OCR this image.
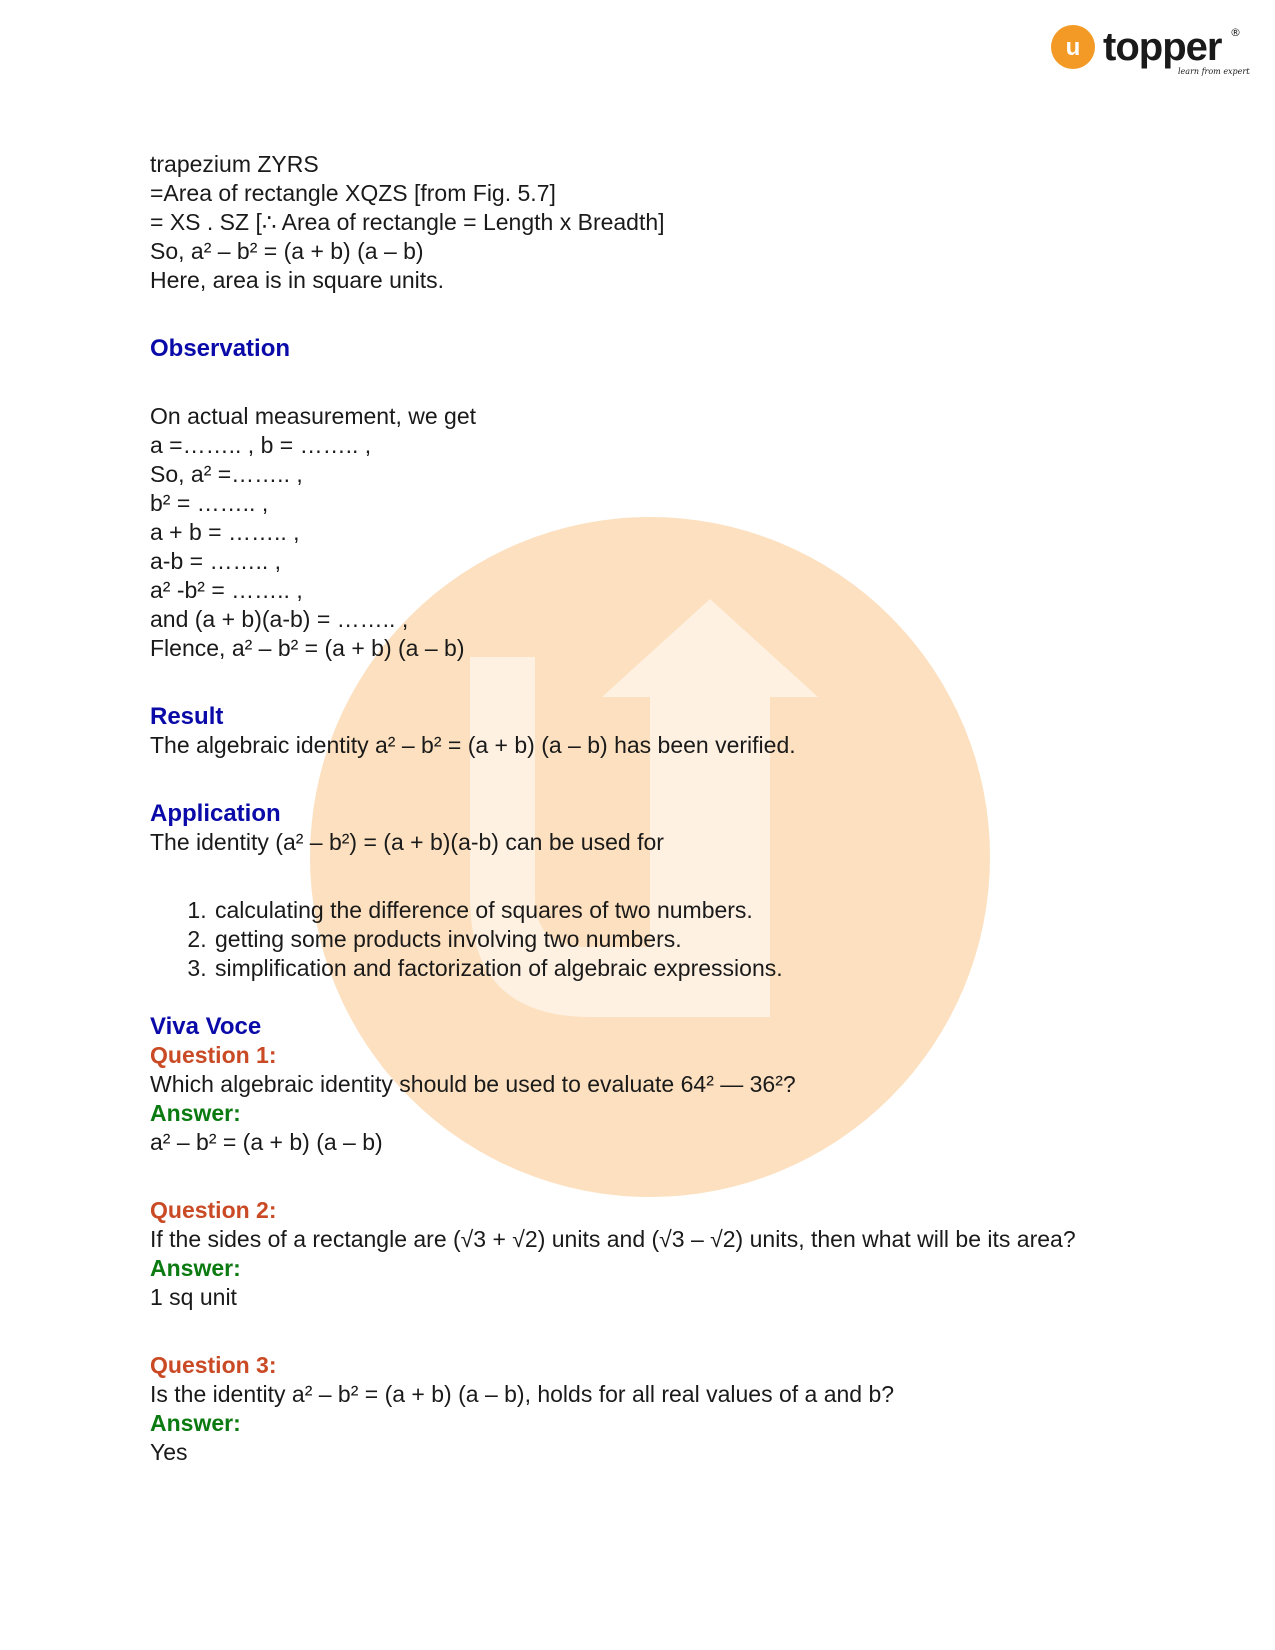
u topper ®
learn from experts

trapezium ZYRS

=Area of rectangle XQZS [from Fig. 5.7]

= XS . SZ [∴ Area of rectangle = Length x Breadth]

So, a² – b² = (a + b) (a – b)

Here, area is in square units.

Observation

On actual measurement, we get

a =…….. , b = …….. ,

So, a² =…….. ,

b² = …….. ,

a + b = …….. ,

a-b = …….. ,

a² -b² = …….. ,

and (a + b)(a-b) = …….. ,

Flence, a² – b² = (a + b) (a – b)

Result

The algebraic identity a² – b² = (a + b) (a – b) has been verified.

Application

The identity (a² – b²) = (a + b)(a-b) can be used for

1. calculating the difference of squares of two numbers.
2. getting some products involving two numbers.
3. simplification and factorization of algebraic expressions.
Viva Voce

Question 1:

Which algebraic identity should be used to evaluate 64² — 36²?

Answer:

a² – b² = (a + b) (a – b)

Question 2:

If the sides of a rectangle are (√3 + √2) units and (√3 – √2) units, then what will be its area?

Answer:

1 sq unit

Question 3:

Is the identity a² – b² = (a + b) (a – b), holds for all real values of a and b?

Answer:

Yes
